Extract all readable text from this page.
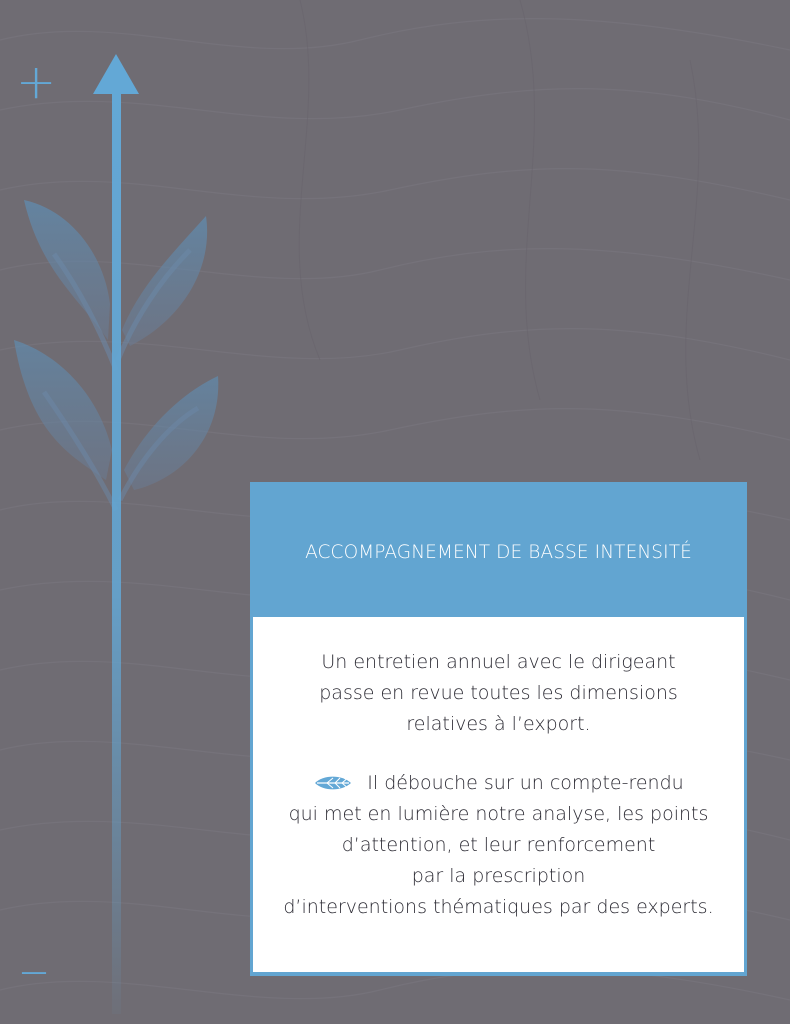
+
–
ACCOMPAGNEMENT DE BASSE INTENSITÉ

Un entretien annuel avec le dirigeant
passe en revue toutes les dimensions
relatives à l’export.

Il débouche sur un compte-rendu
qui met en lumière notre analyse, les points
d’attention, et leur renforcement
par la prescription
d’interventions thématiques par des experts.
